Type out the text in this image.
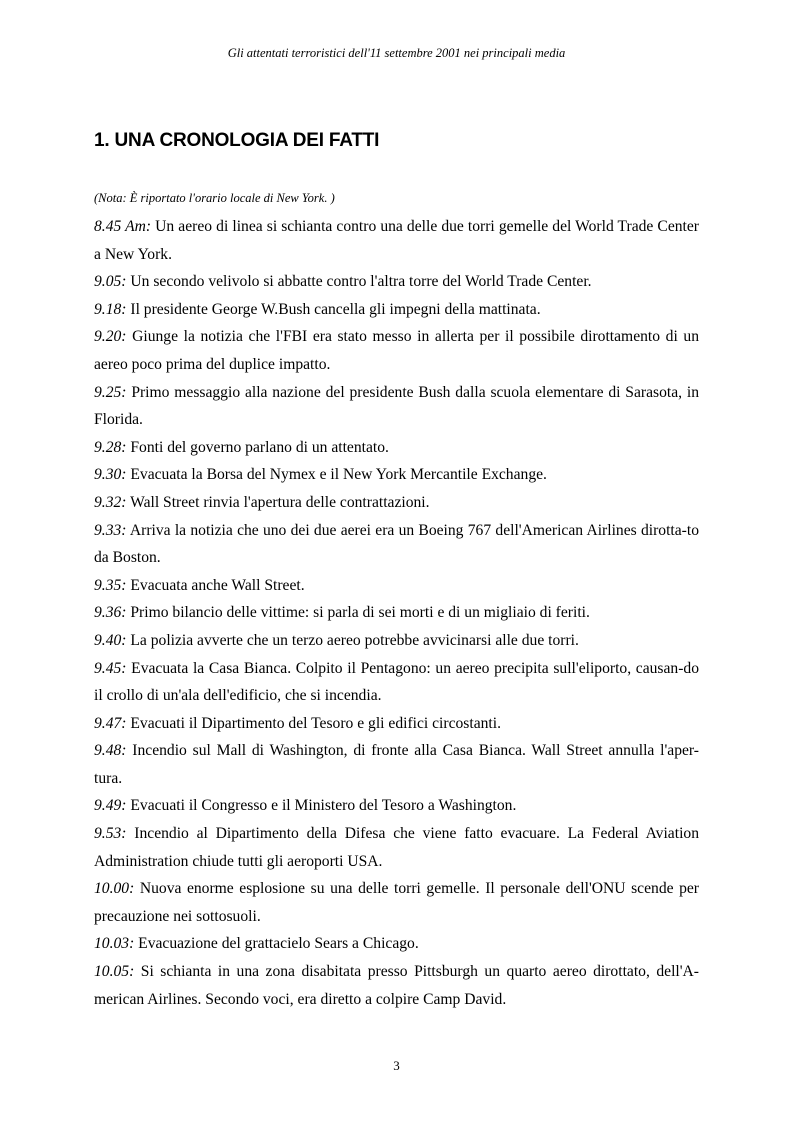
Gli attentati terroristici dell'11 settembre 2001 nei principali media
1. UNA CRONOLOGIA DEI FATTI
(Nota: È riportato l'orario locale di New York. )

8.45 Am: Un aereo di linea si schianta contro una delle due torri gemelle del World Trade Center a New York.

9.05: Un secondo velivolo si abbatte contro l'altra torre del World Trade Center.

9.18: Il presidente George W.Bush cancella gli impegni della mattinata.

9.20: Giunge la notizia che l'FBI era stato messo in allerta per il possibile dirottamento di un aereo poco prima del duplice impatto.

9.25: Primo messaggio alla nazione del presidente Bush dalla scuola elementare di Sarasota, in Florida.

9.28: Fonti del governo parlano di un attentato.

9.30: Evacuata la Borsa del Nymex e il New York Mercantile Exchange.

9.32: Wall Street rinvia l'apertura delle contrattazioni.

9.33: Arriva la notizia che uno dei due aerei era un Boeing 767 dell'American Airlines dirotta-to da Boston.

9.35: Evacuata anche Wall Street.

9.36: Primo bilancio delle vittime: si parla di sei morti e di un migliaio di feriti.

9.40: La polizia avverte che un terzo aereo potrebbe avvicinarsi alle due torri.

9.45: Evacuata la Casa Bianca. Colpito il Pentagono: un aereo precipita sull'eliporto, causan-do il crollo di un'ala dell'edificio, che si incendia.

9.47: Evacuati il Dipartimento del Tesoro e gli edifici circostanti.

9.48: Incendio sul Mall di Washington, di fronte alla Casa Bianca. Wall Street annulla l'aper-tura.

9.49: Evacuati il Congresso e il Ministero del Tesoro a Washington.

9.53: Incendio al Dipartimento della Difesa che viene fatto evacuare. La Federal Aviation Administration chiude tutti gli aeroporti USA.

10.00: Nuova enorme esplosione su una delle torri gemelle. Il personale dell'ONU scende per precauzione nei sottosuoli.

10.03: Evacuazione del grattacielo Sears a Chicago.

10.05: Si schianta in una zona disabitata presso Pittsburgh un quarto aereo dirottato, dell'A-merican Airlines. Secondo voci, era diretto a colpire Camp David.

3
